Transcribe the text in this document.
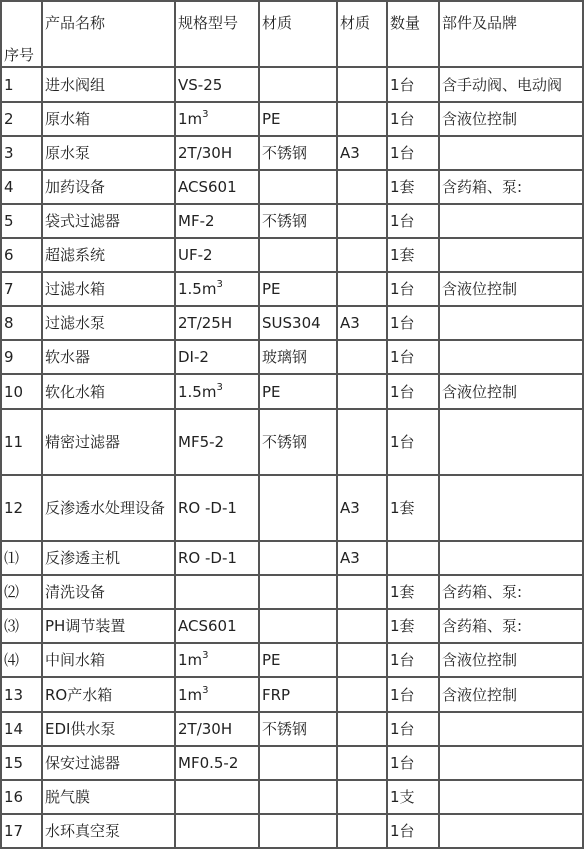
序号	产品名称	规格型号	材质	材质	数量	部件及品牌
1	进水阀组	VS-25			1台	含手动阀、电动阀
2	原水箱	$1m^3$	PE		1台	含液位控制
3	原水泵	2T/30H	不锈钢	A3	1台	
4	加药设备	ACS601			1套	含药箱、泵:
5	袋式过滤器	MF-2	不锈钢		1台	
6	超滤系统	UF-2			1套	
7	过滤水箱	$1.5m^3$	PE		1台	含液位控制
8	过滤水泵	2T/25H	SUS304	A3	1台	
9	软水器	DI-2	玻璃钢		1台	
10	软化水箱	$1.5m^3$	PE		1台	含液位控制
11	精密过滤器	MF5-2	不锈钢		1台	
12	反渗透水处理设备	RO -D-1		A3	1套	
⑴	反渗透主机	RO -D-1		A3		
⑵	清洗设备				1套	含药箱、泵:
⑶	PH调节装置	ACS601			1套	含药箱、泵:
⑷	中间水箱	$1m^3$	PE		1台	含液位控制
13	RO产水箱	$1m^3$	FRP		1台	含液位控制
14	EDI供水泵	2T/30H	不锈钢		1台	
15	保安过滤器	MF0.5-2			1台	
16	脱气膜				1支	
17	水环真空泵				1台	
